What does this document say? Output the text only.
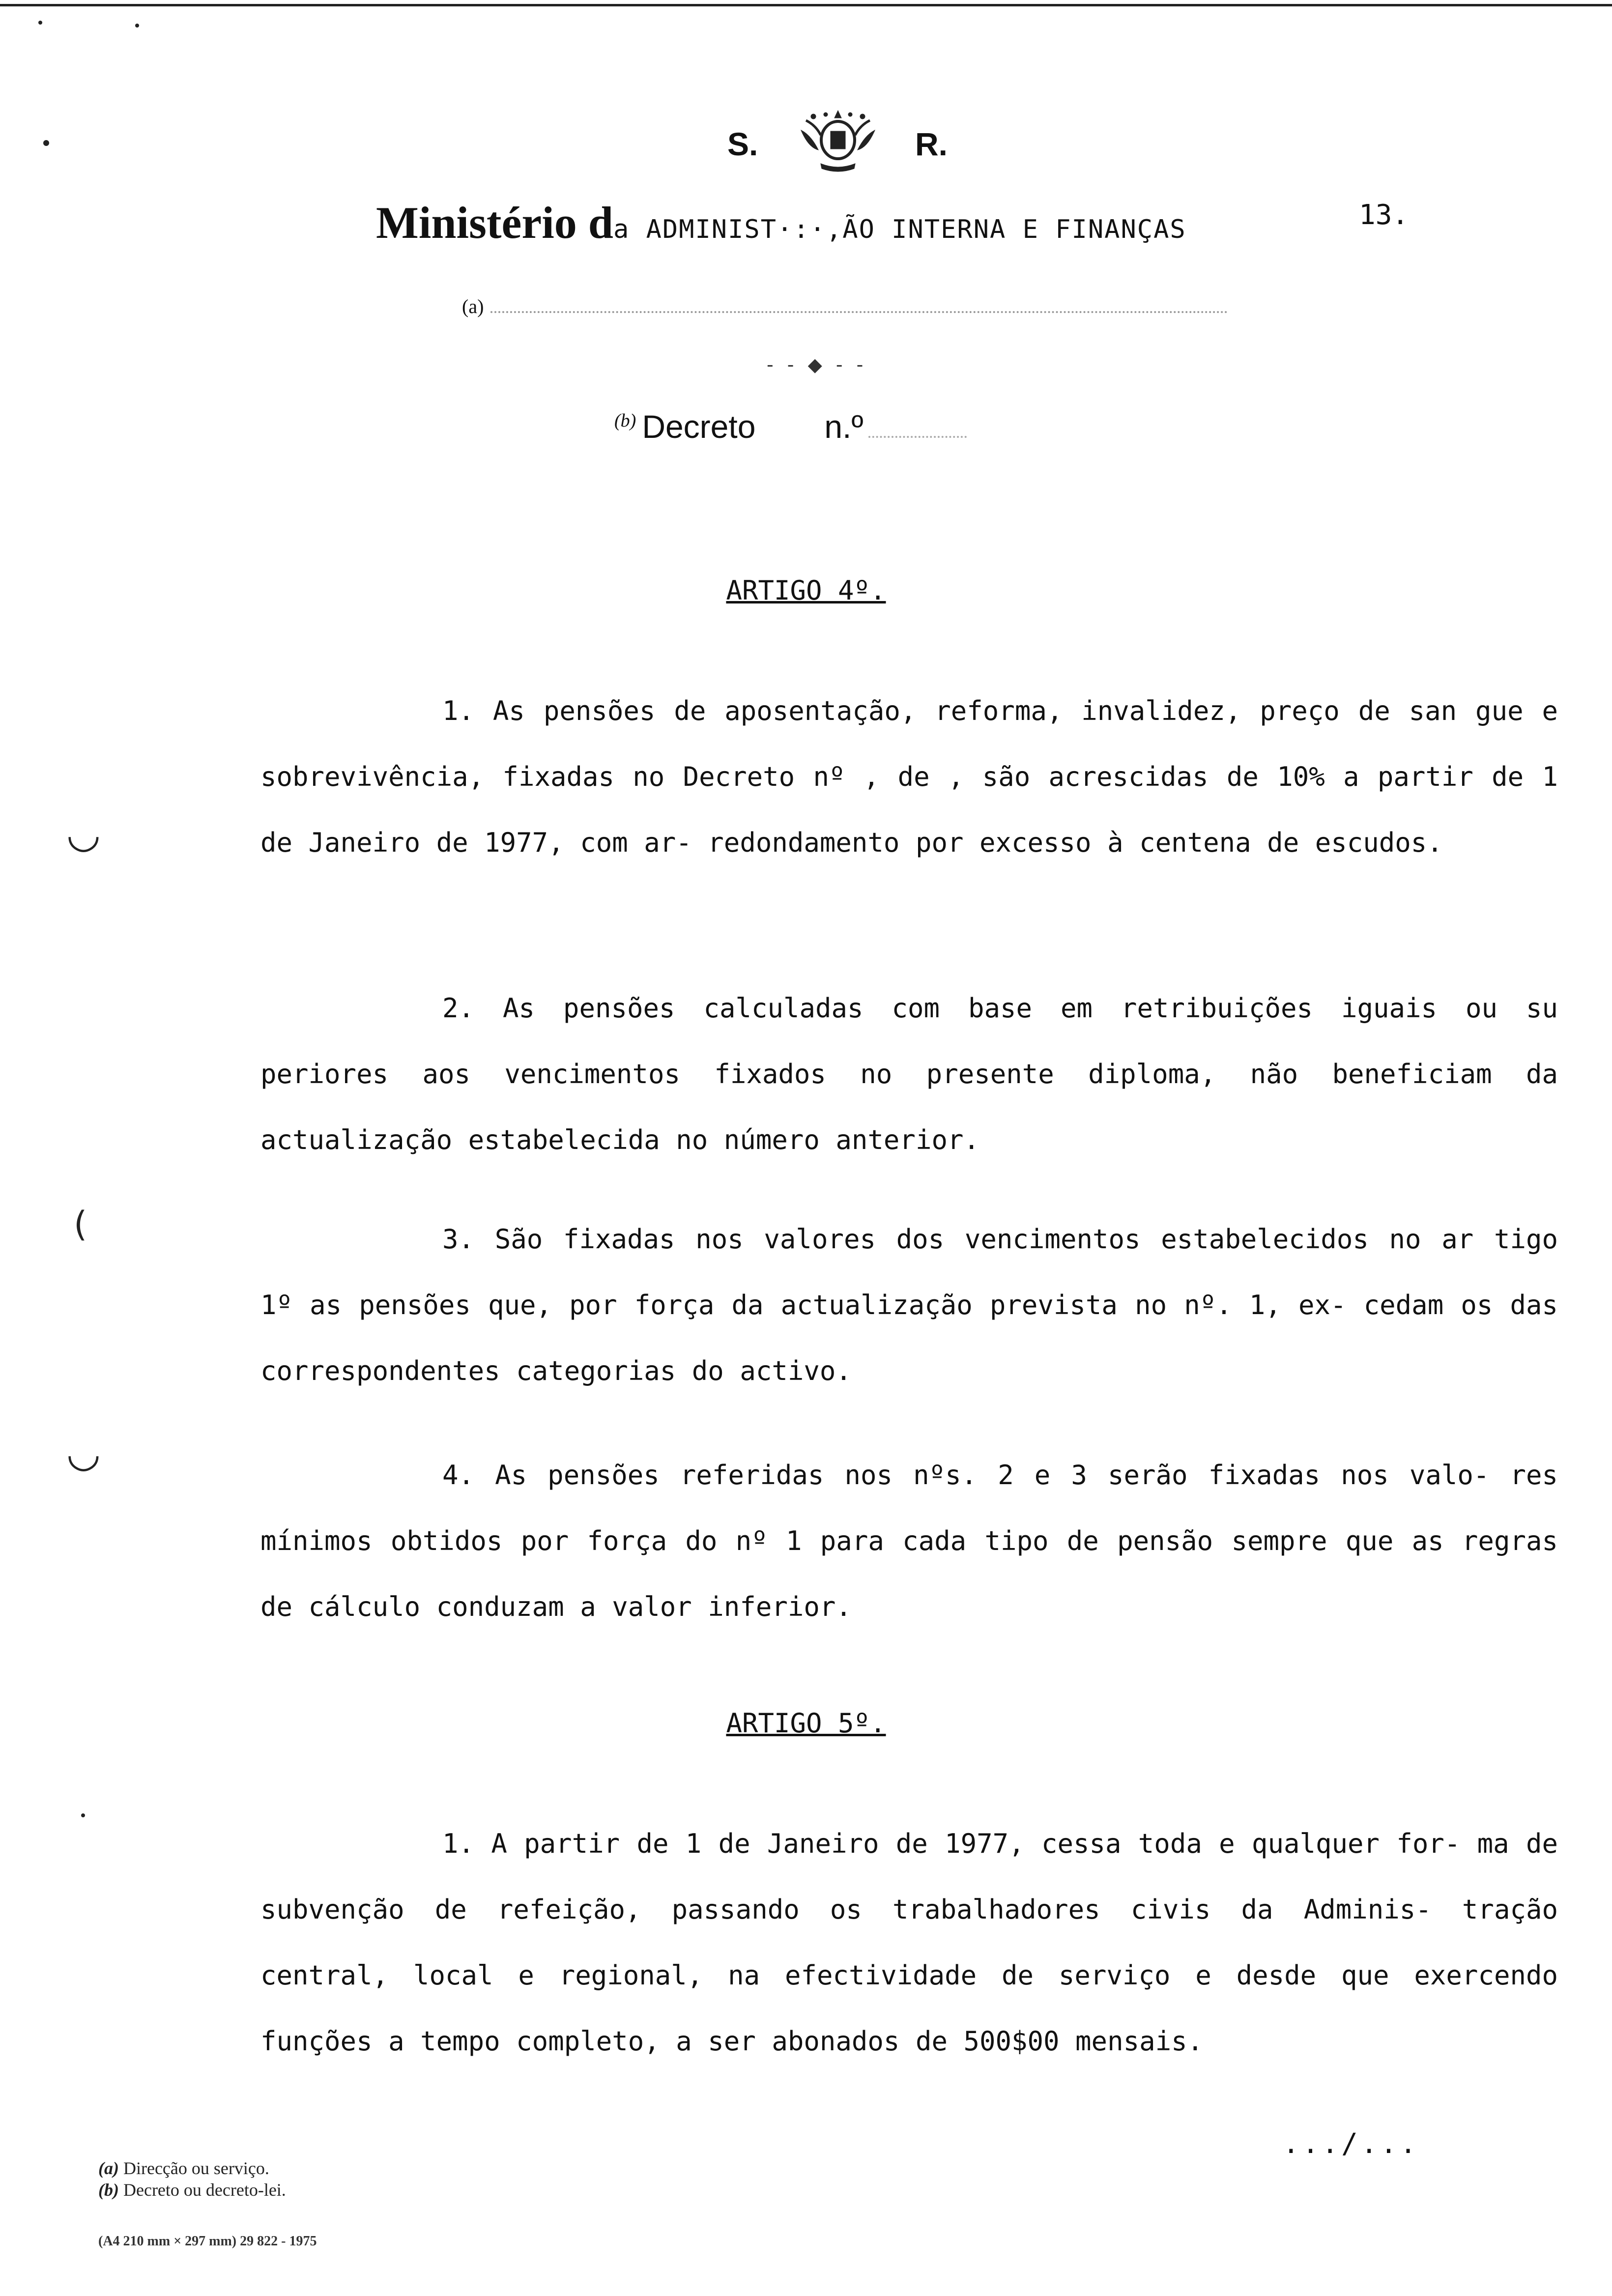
S.	R.
Ministério da ADMINIST·:·,ÃO INTERNA E FINANÇAS	13.
(a)
- - ◆ - -
$^{(b)}$ Decreto n.º
ARTIGO 4º.

1. As pensões de aposentação, reforma, invalidez, preço de san gue e sobrevivência, fixadas no Decreto nº , de , são acrescidas de 10% a partir de 1 de Janeiro de 1977, com ar- redondamento por excesso à centena de escudos.

2. As pensões calculadas com base em retribuições iguais ou su periores aos vencimentos fixados no presente diploma, não beneficiam da actualização estabelecida no número anterior.

3. São fixadas nos valores dos vencimentos estabelecidos no ar tigo 1º as pensões que, por força da actualização prevista no nº. 1, ex- cedam os das correspondentes categorias do activo.

4. As pensões referidas nos nºs. 2 e 3 serão fixadas nos valo- res mínimos obtidos por força do nº 1 para cada tipo de pensão sempre que as regras de cálculo conduzam a valor inferior.

ARTIGO 5º.

1. A partir de 1 de Janeiro de 1977, cessa toda e qualquer for- ma de subvenção de refeição, passando os trabalhadores civis da Adminis- tração central, local e regional, na efectividade de serviço e desde que exercendo funções a tempo completo, a ser abonados de 500$00 mensais.

◡
(
◡
.../...
(a) Direcção ou serviço.
(b) Decreto ou decreto-lei.
(A4 210 mm × 297 mm) 29 822 - 1975
